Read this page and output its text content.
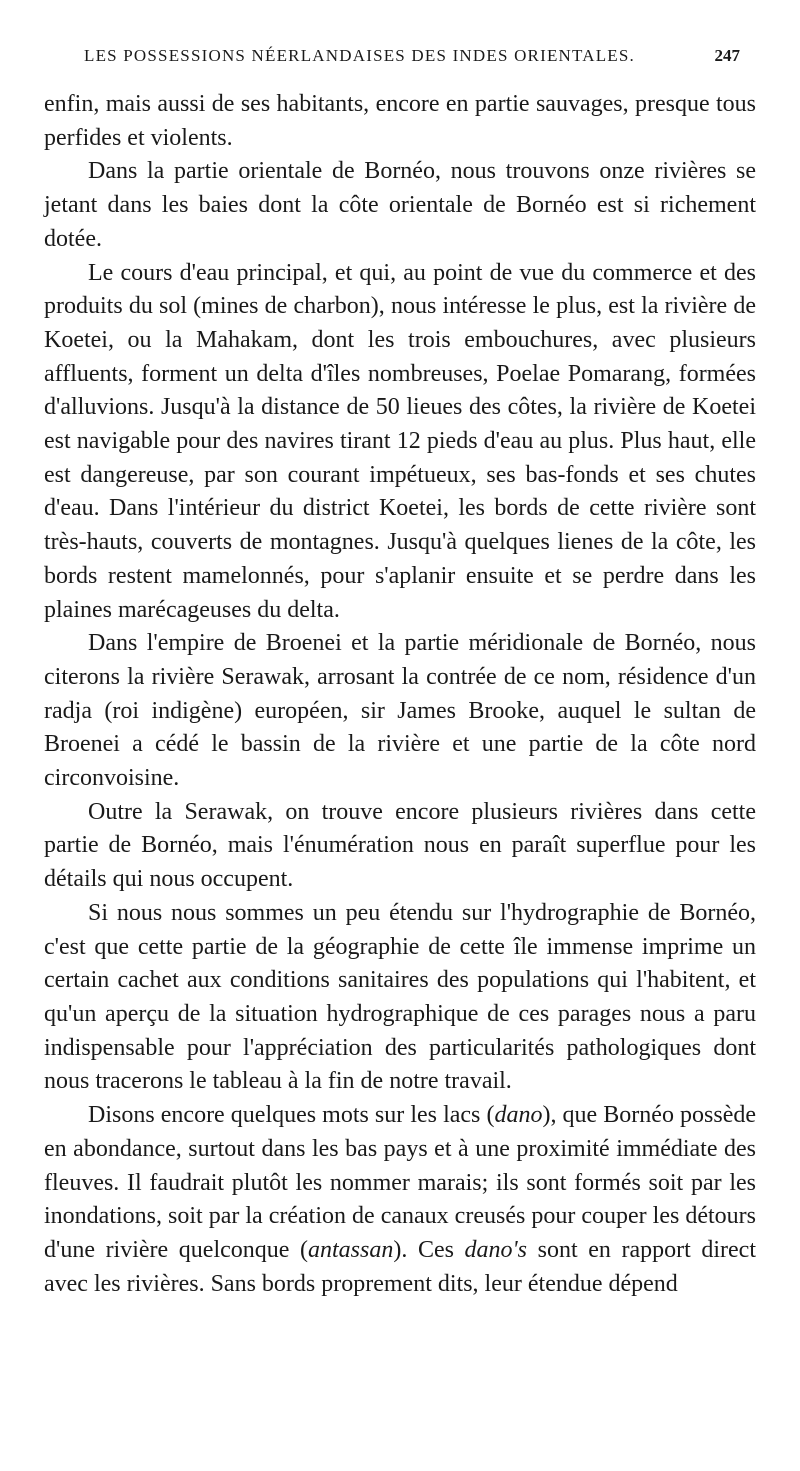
LES POSSESSIONS NÉERLANDAISES DES INDES ORIENTALES.	247

enfin, mais aussi de ses habitants, encore en partie sauvages, presque tous perfides et violents.

Dans la partie orientale de Bornéo, nous trouvons onze rivières se jetant dans les baies dont la côte orientale de Bornéo est si richement dotée.

Le cours d'eau principal, et qui, au point de vue du commerce et des produits du sol (mines de charbon), nous intéresse le plus, est la rivière de Koetei, ou la Mahakam, dont les trois embouchures, avec plusieurs affluents, forment un delta d'îles nombreuses, Poelae Pomarang, formées d'alluvions. Jusqu'à la distance de 50 lieues des côtes, la rivière de Koetei est navigable pour des navires tirant 12 pieds d'eau au plus. Plus haut, elle est dangereuse, par son courant impétueux, ses bas-fonds et ses chutes d'eau. Dans l'intérieur du district Koetei, les bords de cette rivière sont très-hauts, couverts de montagnes. Jusqu'à quelques lienes de la côte, les bords restent mamelonnés, pour s'aplanir ensuite et se perdre dans les plaines marécageuses du delta.

Dans l'empire de Broenei et la partie méridionale de Bornéo, nous citerons la rivière Serawak, arrosant la contrée de ce nom, résidence d'un radja (roi indigène) européen, sir James Brooke, auquel le sultan de Broenei a cédé le bassin de la rivière et une partie de la côte nord circonvoisine.

Outre la Serawak, on trouve encore plusieurs rivières dans cette partie de Bornéo, mais l'énumération nous en paraît superflue pour les détails qui nous occupent.

Si nous nous sommes un peu étendu sur l'hydrographie de Bornéo, c'est que cette partie de la géographie de cette île immense imprime un certain cachet aux conditions sanitaires des populations qui l'habitent, et qu'un aperçu de la situation hydrographique de ces parages nous a paru indispensable pour l'appréciation des particularités pathologiques dont nous tracerons le tableau à la fin de notre travail.

Disons encore quelques mots sur les lacs (dano), que Bornéo possède en abondance, surtout dans les bas pays et à une proximité immédiate des fleuves. Il faudrait plutôt les nommer marais; ils sont formés soit par les inondations, soit par la création de canaux creusés pour couper les détours d'une rivière quelconque (antassan). Ces dano's sont en rapport direct avec les rivières. Sans bords proprement dits, leur étendue dépend
